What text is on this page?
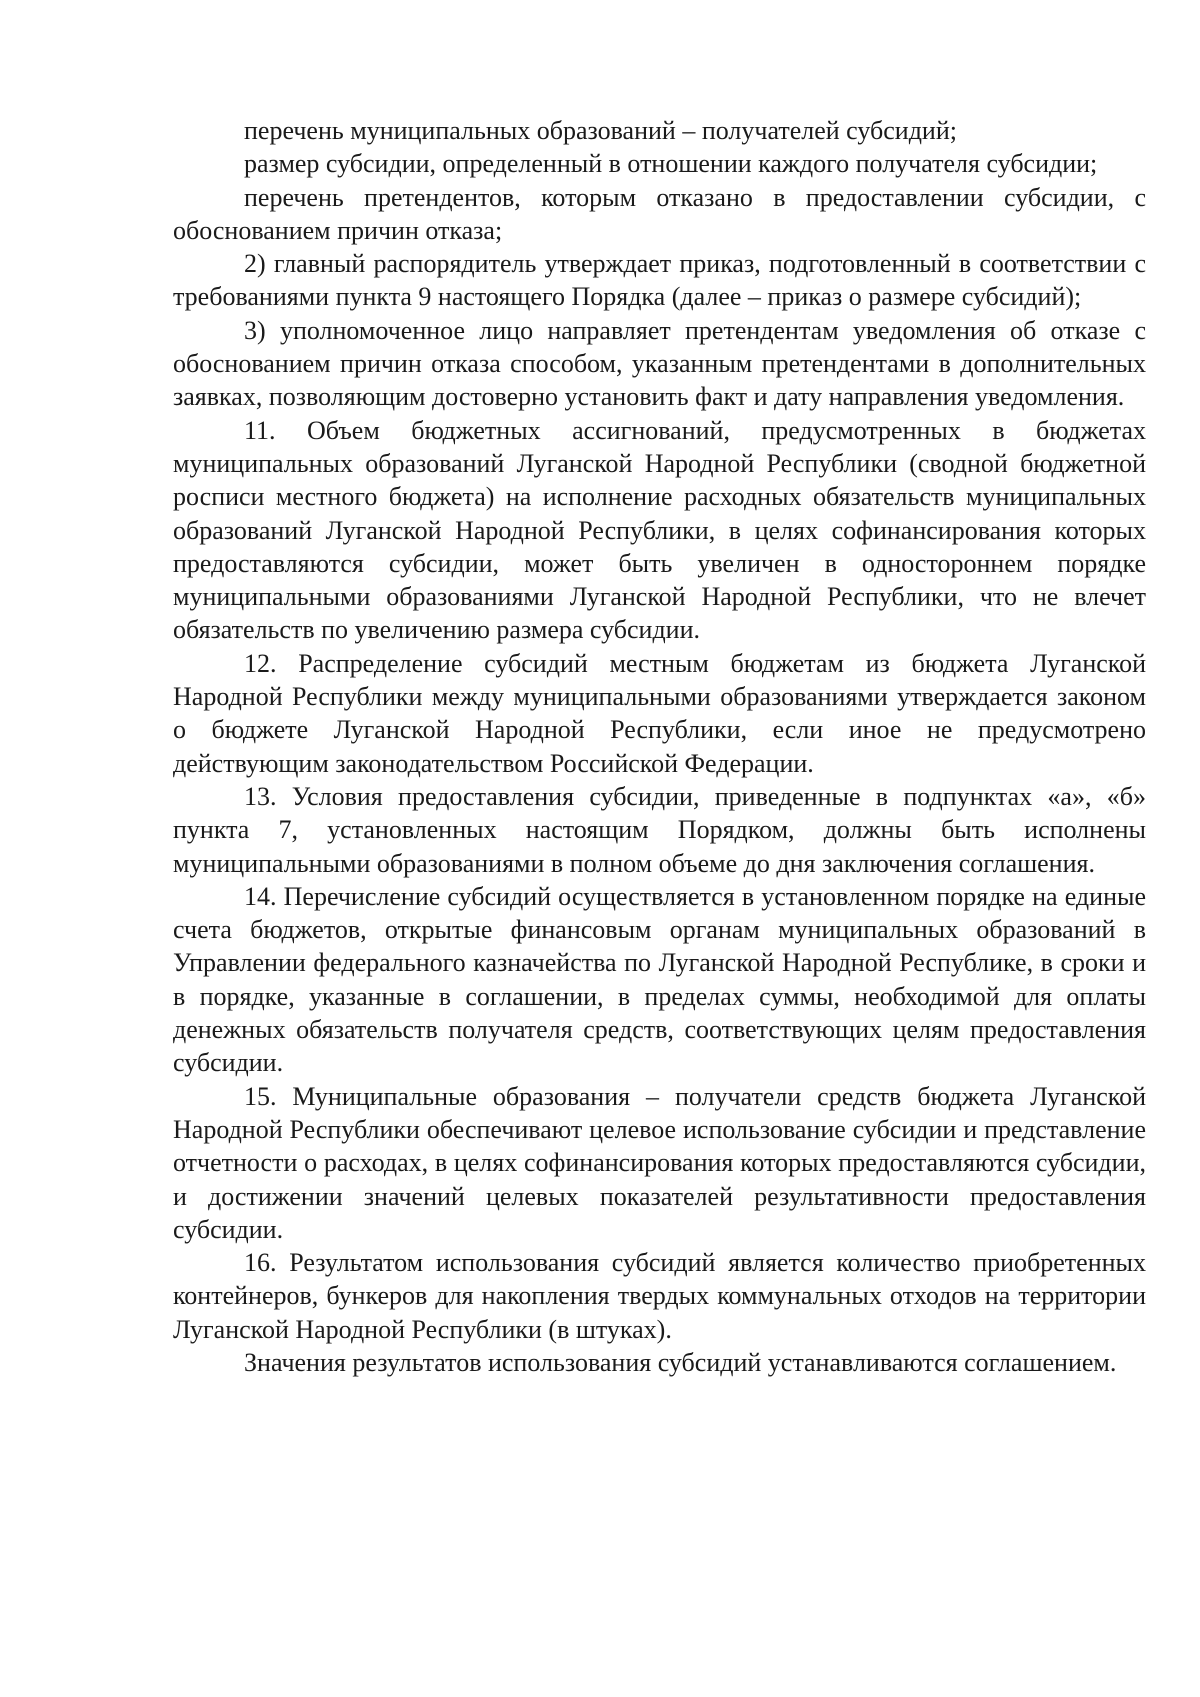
перечень муниципальных образований – получателей субсидий;

размер субсидии, определенный в отношении каждого получателя субсидии;

перечень претендентов, которым отказано в предоставлении субсидии, с обоснованием причин отказа;

2) главный распорядитель утверждает приказ, подготовленный в соответствии с требованиями пункта 9 настоящего Порядка (далее – приказ о размере субсидий);

3) уполномоченное лицо направляет претендентам уведомления об отказе с обоснованием причин отказа способом, указанным претендентами в дополнительных заявках, позволяющим достоверно установить факт и дату направления уведомления.

11. Объем бюджетных ассигнований, предусмотренных в бюджетах муниципальных образований Луганской Народной Республики (сводной бюджетной росписи местного бюджета) на исполнение расходных обязательств муниципальных образований Луганской Народной Республики, в целях софинансирования которых предоставляются субсидии, может быть увеличен в одностороннем порядке муниципальными образованиями Луганской Народной Республики, что не влечет обязательств по увеличению размера субсидии.

12. Распределение субсидий местным бюджетам из бюджета Луганской Народной Республики между муниципальными образованиями утверждается законом о бюджете Луганской Народной Республики, если иное не предусмотрено действующим законодательством Российской Федерации.

13. Условия предоставления субсидии, приведенные в подпунктах «а», «б» пункта 7, установленных настоящим Порядком, должны быть исполнены муниципальными образованиями в полном объеме до дня заключения соглашения.

14. Перечисление субсидий осуществляется в установленном порядке на единые счета бюджетов, открытые финансовым органам муниципальных образований в Управлении федерального казначейства по Луганской Народной Республике, в сроки и в порядке, указанные в соглашении, в пределах суммы, необходимой для оплаты денежных обязательств получателя средств, соответствующих целям предоставления субсидии.

15. Муниципальные образования – получатели средств бюджета Луганской Народной Республики обеспечивают целевое использование субсидии и представление отчетности о расходах, в целях софинансирования которых предоставляются субсидии, и достижении значений целевых показателей результативности предоставления субсидии.

16. Результатом использования субсидий является количество приобретенных контейнеров, бункеров для накопления твердых коммунальных отходов на территории Луганской Народной Республики (в штуках).

Значения результатов использования субсидий устанавливаются соглашением.
